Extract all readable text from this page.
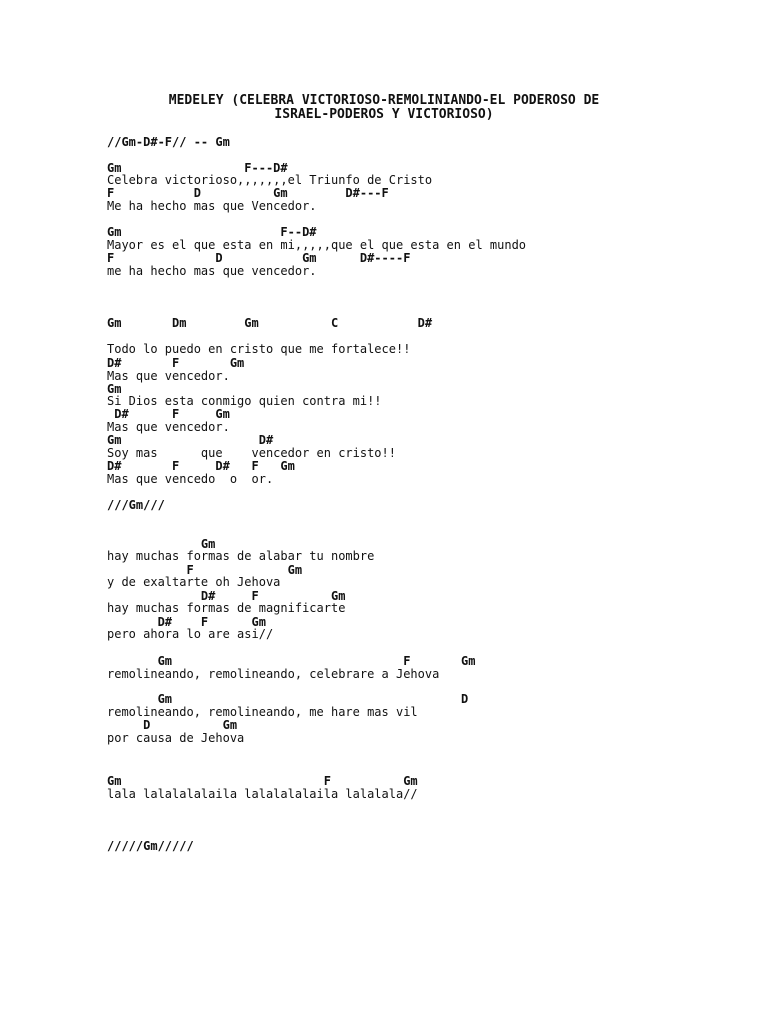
MEDELEY (CELEBRA VICTORIOSO-REMOLINIANDO-EL PODEROSO DE
ISRAEL-PODEROS Y VICTORIOSO)
//Gm-D#-F// -- Gm
Gm                 F---D#
Celebra victorioso,,,,,,,el Triunfo de Cristo
F           D          Gm        D#---F
Me ha hecho mas que Vencedor.
Gm                      F--D#
Mayor es el que esta en mi,,,,,que el que esta en el mundo
F              D           Gm      D#----F
me ha hecho mas que vencedor.
Gm       Dm        Gm          C           D#
Todo lo puedo en cristo que me fortalece!!
D#       F       Gm
Mas que vencedor.
Gm
Si Dios esta conmigo quien contra mi!!
D#      F     Gm
Mas que vencedor.
Gm                   D#
Soy mas      que    vencedor en cristo!!
D#       F     D#   F   Gm
Mas que vencedo  o  or.
///Gm///
Gm
hay muchas formas de alabar tu nombre
F             Gm
y de exaltarte oh Jehova
D#     F          Gm
hay muchas formas de magnificarte
D#    F      Gm
pero ahora lo are asi//
Gm                                F       Gm
remolineando, remolineando, celebrare a Jehova
Gm                                        D
remolineando, remolineando, me hare mas vil
D          Gm
por causa de Jehova
Gm                            F          Gm
lala lalalalalaila lalalalalaila lalalala//
/////Gm/////
